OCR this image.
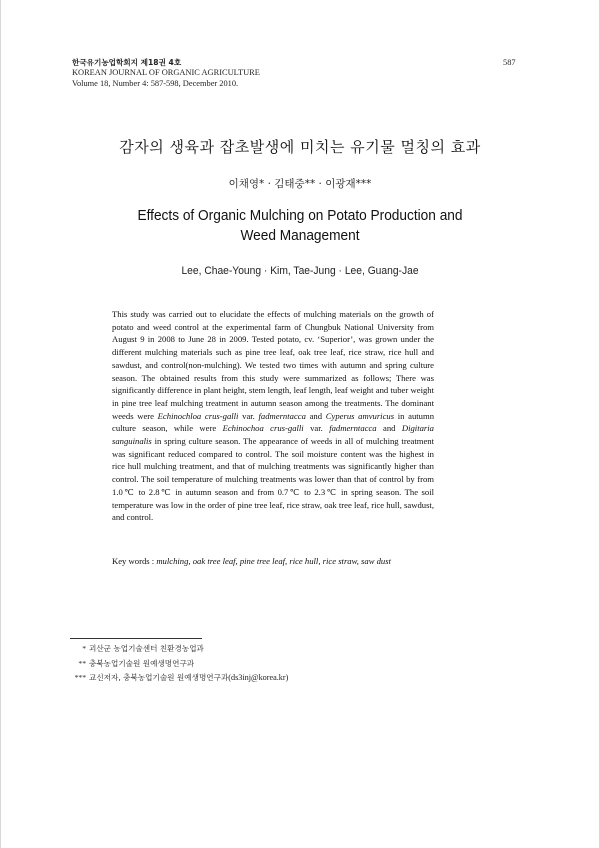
한국유기농업학회지 제18권 4호
KOREAN JOURNAL OF ORGANIC AGRICULTURE
Volume 18, Number 4: 587-598, December 2010.
587
감자의 생육과 잡초발생에 미치는 유기물 멀칭의 효과
이채영* · 김태중** · 이광재***
Effects of Organic Mulching on Potato Production and
Weed Management
Lee, Chae-Young · Kim, Tae-Jung · Lee, Guang-Jae

This study was carried out to elucidate the effects of mulching materials on the growth of potato and weed control at the experimental farm of Chungbuk National University from August 9 in 2008 to June 28 in 2009. Tested potato, cv. ‘Superior’, was grown under the different mulching materials such as pine tree leaf, oak tree leaf, rice straw, rice hull and sawdust, and control(non-mulching). We tested two times with autumn and spring culture season. The obtained results from this study were summarized as follows; There was significantly difference in plant height, stem length, leaf length, leaf weight and tuber weight in pine tree leaf mulching treatment in autumn season among the treatments. The dominant weeds were Echinochloa crus-galli var. fadmerntacca and Cyperus amvuricus in autumn culture season, while were Echinochoa crus-galli var. fadmerntacca and Digitaria sanguinalis in spring culture season. The appearance of weeds in all of mulching treatment was significant reduced compared to control. The soil moisture content was the highest in rice hull mulching treatment, and that of mulching treatments was significantly higher than control. The soil temperature of mulching treatments was lower than that of control by from 1.0℃ to 2.8℃ in autumn season and from 0.7℃ to 2.3℃ in spring season. The soil temperature was low in the order of pine tree leaf, rice straw, oak tree leaf, rice hull, sawdust, and control.

Key words : mulching, oak tree leaf, pine tree leaf, rice hull, rice straw, saw dust
* 괴산군 농업기술센터 친환경농업과
** 충북농업기술원 원예생명연구과
*** 교신저자, 충북농업기술원 원예생명연구과(ds3inj@korea.kr)
